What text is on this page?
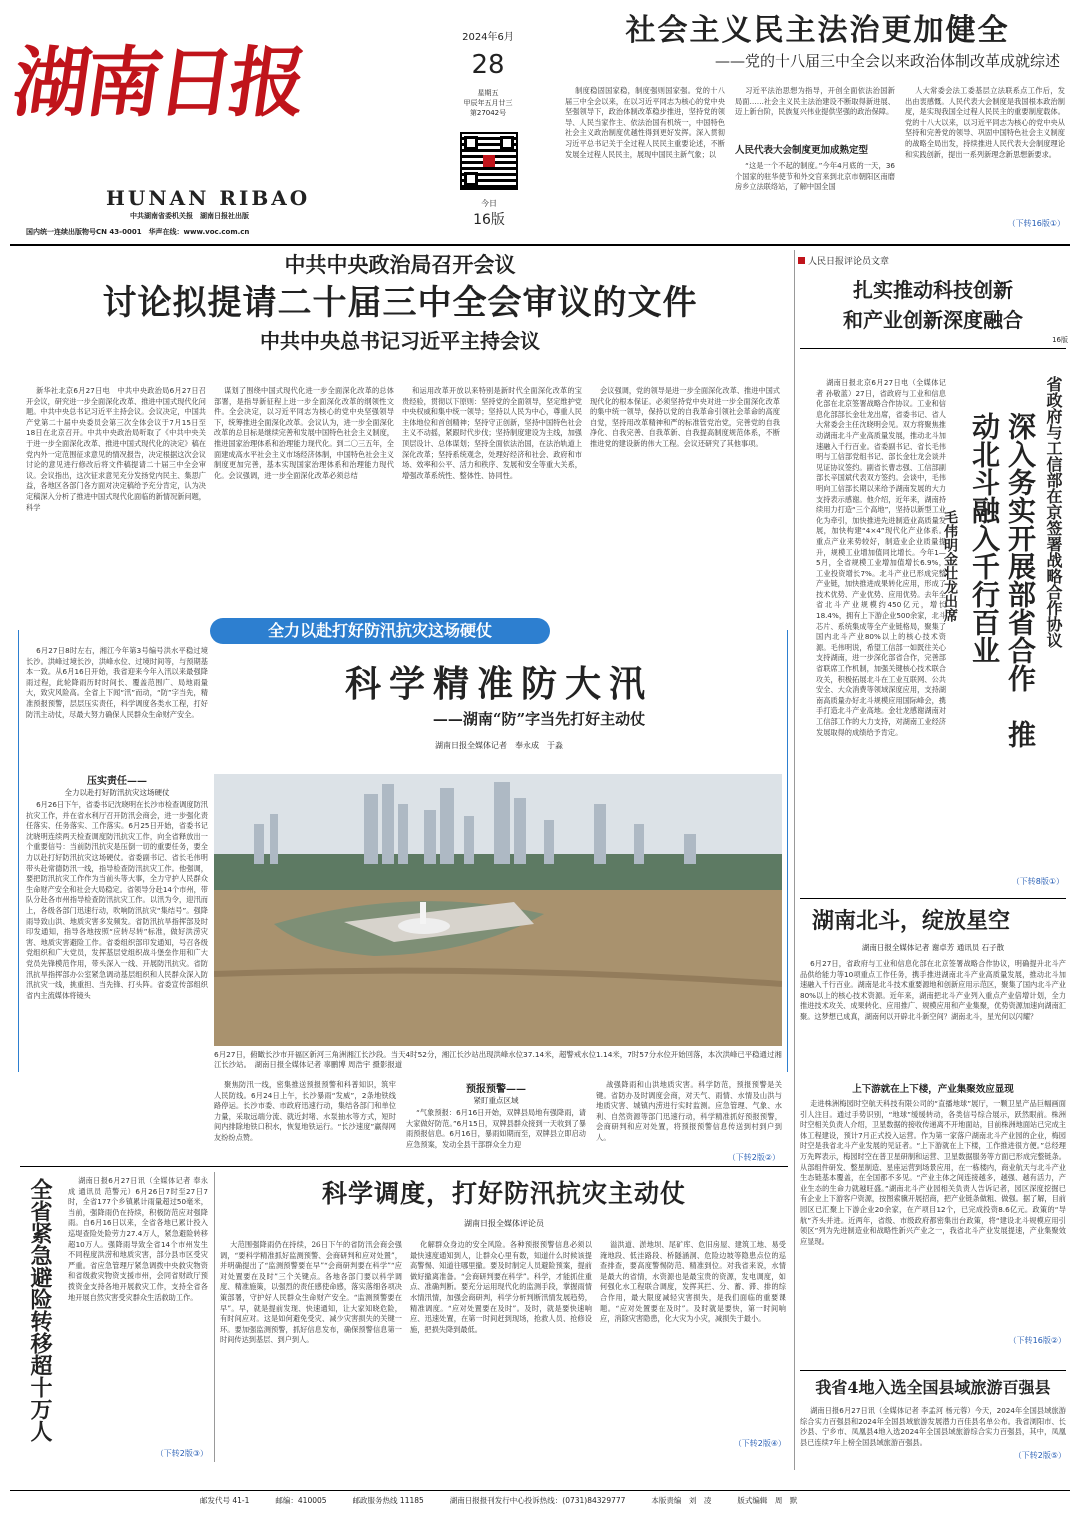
湖南日报
HUNAN RIBAO
中共湖南省委机关报　湖南日报社出版
国内统一连续出版物号CN 43-0001　 华声在线：www.voc.com.cn
2024年6月
28
星期五
甲辰年五月廿三
第27042号
今日
16版
社会主义民主法治更加健全
——党的十八届三中全会以来政治体制改革成就综述
制度稳固国家稳，制度强则国家强。党的十八届三中全会以来，在以习近平同志为核心的党中央坚强领导下，政治体制改革稳步推进，坚持党的领导、人民当家作主、依法治国有机统一，中国特色社会主义政治制度优越性得到更好发挥。深入贯彻习近平总书记关于全过程人民民主重要论述，不断发展全过程人民民主，展现中国民主新气象；以
习近平法治思想为指导，开创全面依法治国新局面……社会主义民主法治建设不断取得新进展、迈上新台阶，民族复兴伟业提供坚强的政治保障。
人民代表大会制度更加成熟定型
“这是一个不起的制度。”今年4月底的一天，36个国家的驻华使节和外交官来到北京市朝阳区南磨房乡立法联络站，了解中国全国
人大常委会法工委基层立法联系点工作后，发出由衷感慨。人民代表大会制度是我国根本政治制度，是实现我国全过程人民民主的重要制度载体。党的十八大以来，以习近平同志为核心的党中央从坚持和完善党的领导、巩固中国特色社会主义制度的战略全局出发，持续推进人民代表大会制度理论和实践创新，提出一系列新理念新思想新要求。
（下转16版①）
中共中央政治局召开会议
讨论拟提请二十届三中全会审议的文件
中共中央总书记习近平主持会议
新华社北京6月27日电　中共中央政治局6月27日召开会议，研究进一步全面深化改革、推进中国式现代化问题。中共中央总书记习近平主持会议。会议决定，中国共产党第二十届中央委员会第三次全体会议于7月15日至18日在北京召开。中共中央政治局听取了《中共中央关于进一步全面深化改革、推进中国式现代化的决定》稿在党内外一定范围征求意见的情况报告，决定根据这次会议讨论的意见进行修改后将文件稿提请二十届三中全会审议。会议指出，这次征求意见充分发扬党内民主、集思广益，各地区各部门各方面对决定稿给予充分肯定，认为决定稿深入分析了推进中国式现代化面临的新情况新问题，科学
谋划了围绕中国式现代化进一步全面深化改革的总体部署，是指导新征程上进一步全面深化改革的纲领性文件。全会决定，以习近平同志为核心的党中央坚强领导下，统筹推进全面深化改革。会议认为，进一步全面深化改革的总目标是继续完善和发展中国特色社会主义制度，推进国家治理体系和治理能力现代化。到二〇三五年，全面建成高水平社会主义市场经济体制，中国特色社会主义制度更加完善，基本实现国家治理体系和治理能力现代化。会议强调，进一步全面深化改革必须总结
和运用改革开放以来特别是新时代全面深化改革的宝贵经验，贯彻以下原则：坚持党的全面领导，坚定维护党中央权威和集中统一领导；坚持以人民为中心，尊重人民主体地位和首创精神；坚持守正创新，坚持中国特色社会主义不动摇，紧跟时代步伐；坚持制度建设为主线，加强顶层设计、总体谋划；坚持全面依法治国，在法治轨道上深化改革；坚持系统观念，处理好经济和社会、政府和市场、效率和公平、活力和秩序、发展和安全等重大关系，增强改革系统性、整体性、协同性。
会议强调，党的领导是进一步全面深化改革、推进中国式现代化的根本保证。必须坚持党中央对进一步全面深化改革的集中统一领导，保持以党的自我革命引领社会革命的高度自觉，坚持用改革精神和严的标准管党治党，完善党的自我净化、自我完善、自我革新、自我提高制度规范体系，不断推进党的建设新的伟大工程。会议还研究了其他事项。
人民日报评论员文章
扎实推动科技创新
和产业创新深度融合
16版
省政府与工信部在京签署战略合作协议
深入务实开展部省合作　推动北斗融入千行百业
毛伟明金壮龙出席
湖南日报北京6月27日电（全媒体记者 孙敬蓝）27日，省政府与工业和信息化部在北京签署战略合作协议。工业和信息化部部长金壮龙出席，省委书记、省人大常委会主任沈晓明会见。双方将聚焦推动湖南北斗产业高质量发展，推动北斗加速融入千行百业。省委副书记、省长毛伟明与工信部党组书记、部长金壮龙会谈并见证协议签约。副省长曹志强、工信部副部长辛国斌代表双方签约。会谈中，毛伟明向工信部长期以来给予湖南发展的大力支持表示感谢。他介绍，近年来，湖南持续用力打造“三个高地”，坚持以新型工业化为牵引，加快推进先进制造业高质量发展，加快构建“4×4”现代化产业体系。重点产业来势较好，制造业企业质量提升，规模工业增加值同比增长。今年1—5月，全省规模工业增加值增长6.9%，工业投资增长7%。北斗产业已形成完整产业链，加快推进成果转化应用，形成了技术优势、产业优势、应用优势。去年全省北斗产业规模约450亿元，增长18.4%，拥有上下游企业500余家，北斗芯片、系统集成等全产业链格局，聚集了国内北斗产业80%以上的核心技术资源。毛伟明说，希望工信部一如既往关心支持湖南，进一步深化部省合作，完善部省联席工作机制，加强关键核心技术联合攻关，积极拓展北斗在工业互联网、公共安全、大众消费等领域深度应用，支持湖南高质量办好北斗规模应用国际峰会，携手打造北斗产业高地。金壮龙感谢湖南对工信部工作的大力支持，对湖南工业经济发展取得的成绩给予肯定。
（下转8版①）
全力以赴打好防汛抗灾这场硬仗
6月27日8时左右，湘江今年第3号编号洪水平稳过境长沙。洪峰过境长沙，洪峰水位、过境时间等，与预期基本一致。从6月16日开始，我省迎来今年入汛以来最强降雨过程，此轮降雨历时时间长、覆盖范围广、局地雨量大，致灾风险高。全省上下闻“汛”而动，“防”字当先，精准预报预警，层层压实责任，科学调度各类水工程，打好防汛主动仗，尽最大努力确保人民群众生命财产安全。
压实责任——
全力以赴打好防汛抗灾这场硬仗
6月26日下午，省委书记沈晓明在长沙市检查调度防汛抗灾工作，并在省水利厅召开防汛会商会，进一步强化责任落实、任务落实、工作落实。6月25日开始，省委书记沈晓明连续两天检查调度防汛抗灾工作，向全省释放出一个重要信号：当前防汛抗灾是压倒一切的重要任务，要全力以赴打好防汛抗灾这场硬仗。省委副书记、省长毛伟明带头赴常德防汛一线，指导检查防汛抗灾工作。他强调，要把防汛抗灾工作作为当前头等大事，全力守护人民群众生命财产安全和社会大局稳定。省领导分赴14个市州，带队分赴各市州指导检查防汛抗灾工作。以汛为令，迎汛而上，各级各部门迅速行动，吹响防汛抗灾“集结号”。强降雨导致山洪、地质灾害多发频发。省防汛抗旱指挥部及时印发通知，指导各地按照“应转尽转”标准，做好洪涝灾害、地质灾害避险工作。省委组织部印发通知，号召各级党组织和广大党员，发挥基层党组织战斗堡垒作用和广大党员先锋模范作用，带头深入一线、开展防汛抗灾。省防汛抗旱指挥部办公室紧急调动基层组织和人民群众深入防汛抗灾一线，挑重担、当先锋、打头阵。省委宣传部组织省内主流媒体将镜头
科学精准防大汛
——湖南“防”字当先打好主动仗
湖南日报全媒体记者　奉永成　于淼
6月27日，俯瞰长沙市开福区新河三角洲湘江长沙段。当天4时52分，湘江长沙站出现洪峰水位37.14米，超警戒水位1.14米，7时57分水位开始回落，本次洪峰已平稳通过湘江长沙站。　湖南日报全媒体记者 辜鹏博 周浩宇 摄影报道
聚焦防汛一线，密集推送预报预警和科普知识，筑牢人民防线。6月24日上午，长沙暴雨“发威”，2条地铁线路停运。长沙市委、市政府迅速行动，集结各部门和单位力量，采取远端分流、就近封堵、水泵抽水等方式，短时间内排除地铁口积水，恢复地铁运行。“长沙速度”赢得网友纷纷点赞。
预报预警——
紧盯重点区域
“气象预报：6月16日开始，双牌县局地有强降雨，请大家做好防范。”6月15日，双牌县群众接到一天收到了暴雨预报信息。6月16日，暴雨如期而至，双牌县立即启动应急预案，发动全县干部群众全力迎
战强降雨和山洪地质灾害。科学防范，预报预警是关键。省防办及时调度会商，对天气、雨情、水情及山洪与地质灾害、城镇内涝进行实时监测。应急管理、气象、水利、自然资源等部门迅速行动，科学精准抓好预报预警，会商研判和应对处置，将预报预警信息传送到村到户到人。
（下转2版②）
全省紧急避险转移超十万人	湖南日报6月27日讯（全媒体记者 奉永成 通讯员 范警元）6月26日7时至27日7时，全省177个乡镇累计雨量超过50毫米，当前，强降雨仍在持续，积极防范应对强降雨。自6月16日以来，全省各地已累计投入巡堤查险处险劳力27.4万人，紧急避险转移超10万人。强降雨导致全省14个市州发生不同程度洪涝和地质灾害，部分县市区受灾严重。省应急管理厅紧急调拨中央救灾物资和省级救灾物资支援市州，会同省财政厅预拨资金支持各地开展救灾工作，支持全省各地开展自然灾害受灾群众生活救助工作。
（下转2版③）
科学调度，打好防汛抗灾主动仗
湖南日报全媒体评论员
大范围强降雨仍在持续，26日下午的省防汛会商会强调，“要科学精准抓好监测预警、会商研判和应对处置”，并明确提出了“监测预警要在早”“会商研判要在科学”“应对处置要在及时”三个关键点。各地各部门要以科学调度、精准施策，以强烈的责任感使命感，落实落细各项决策部署，守护好人民群众生命财产安全。“监测预警要在早”。早，就是提前发现、快速通知，让大家知晓危险，有时间应对。这是如何避免受灾、减少灾害损失的关键一环。要加强监测预警，抓好信息发布，确保预警信息第一时间传达到基层、到户到人。
化解群众身边的安全风险。各种预报预警信息必须以最快速度通知到人，让群众心里有数，知道什么时候该提高警惕、知道往哪里撤。要及时制定人员避险预案，提前做好撤离准备。“会商研判要在科学”。科学，才能抓住重点、准确判断。要充分运用现代化的监测手段，掌握雨情水情汛情，加强会商研判，科学分析判断汛情发展趋势，精准调度。“应对处置要在及时”。及时，就是要快速响应、迅速处置，在第一时间赶到现场，抢救人员、抢修设施，把损失降到最低。
溢洪道、淤地坝、尾矿库、危旧房屋、建筑工地、易受淹地段、低洼路段、桥隧涵洞、危险边坡等隐患点位的巡查排查，要高度警惕防范、精准到位。对我省来说，水情是最大的省情，水资源也是最宝贵的资源，发电调度，如何强化水工程联合调度，发挥其拦、分、蓄、滞、排的综合作用，最大限度减轻灾害损失，是我们面临的重要课题。“应对处置要在及时”。及时就是要快，第一时间响应，消除灾害隐患，化大灾为小灾，减损失于最小。
（下转2版④）
湖南北斗，绽放星空
湖南日报全媒体记者 谢卓芳 通讯员 石子散
6月27日，省政府与工业和信息化部在北京签署战略合作协议，明确提升北斗产品供给能力等10项重点工作任务，携手推进湖南北斗产业高质量发展，推动北斗加速融入千行百业。湖南是北斗技术重要源地和创新应用示范区，聚集了国内北斗产业80%以上的核心技术资源。近年来，湖南把北斗产业列入重点产业倍增计划，全力推进技术攻关、成果转化、应用推广、规模应用和产业集聚，优势资源加速向湖南汇聚。这梦想已成真，湖南何以开辟北斗新空间？湖南北斗，星光何以闪耀？
上下游就在上下楼，产业集聚效应显现
走进株洲梅园时空航天科技有限公司的“直播地球”展厅，一颗卫星产品巨幅画面引人注目。通过手势识别，“地球”缓缓转动，各类信号综合展示，跃然眼前。株洲时空相关负责人介绍，卫星数据的接收传递离不开地面站，目前株洲地面站已完成主体工程建设，预计7月正式投入运营。作为第一家落户湖南北斗产业园的企业，梅园时空是我省北斗产业发展的见证者。“上下游就在上下楼，工作推进很方便。”总经理万先晖表示，梅园时空在普卫星研制和运营、卫星数据服务等方面已形成完整链条。从部组件研发、整星制造、星座运营到场景应用，在一栋楼内，商业航天与北斗产业生态链基本覆盖，在全国都不多见。“产业主体之间连接越多，越强、越有活力，产业生态的生命力就越旺盛。”湖南北斗产业园相关负责人告诉记者，园区深度挖掘已有企业上下游客户资源，按图索骥开展招商，把产业链条做粗、做强。据了解，目前园区已汇聚上下游企业20余家，在产项目12个，已完成投资8.6亿元。政策的“导航”齐头并进。近两年，省级、市级政府都密集出台政策，将“建设北斗规模应用引领区”列为先进制造业和战略性新兴产业之一，我省北斗产业发展提速，产业集聚效应显现。
（下转16版②）
我省4地入选全国县域旅游百强县
湖南日报6月27日讯（全媒体记者 李孟河 杨元蓉）今天，2024年全国县域旅游综合实力百强县和2024年全国县域旅游发展潜力百佳县名单公布。我省浏阳市、长沙县、宁乡市、凤凰县4地入选2024年全国县域旅游综合实力百强县，其中，凤凰县已连续7年上榜全国县域旅游百强县。
（下转2版⑤）
邮发代号 41-1	邮编：410005	邮政服务热线 11185	湖南日报报刊发行中心投诉热线：(0731)84329777	本版责编　刘　凌	版式编辑　周　默
